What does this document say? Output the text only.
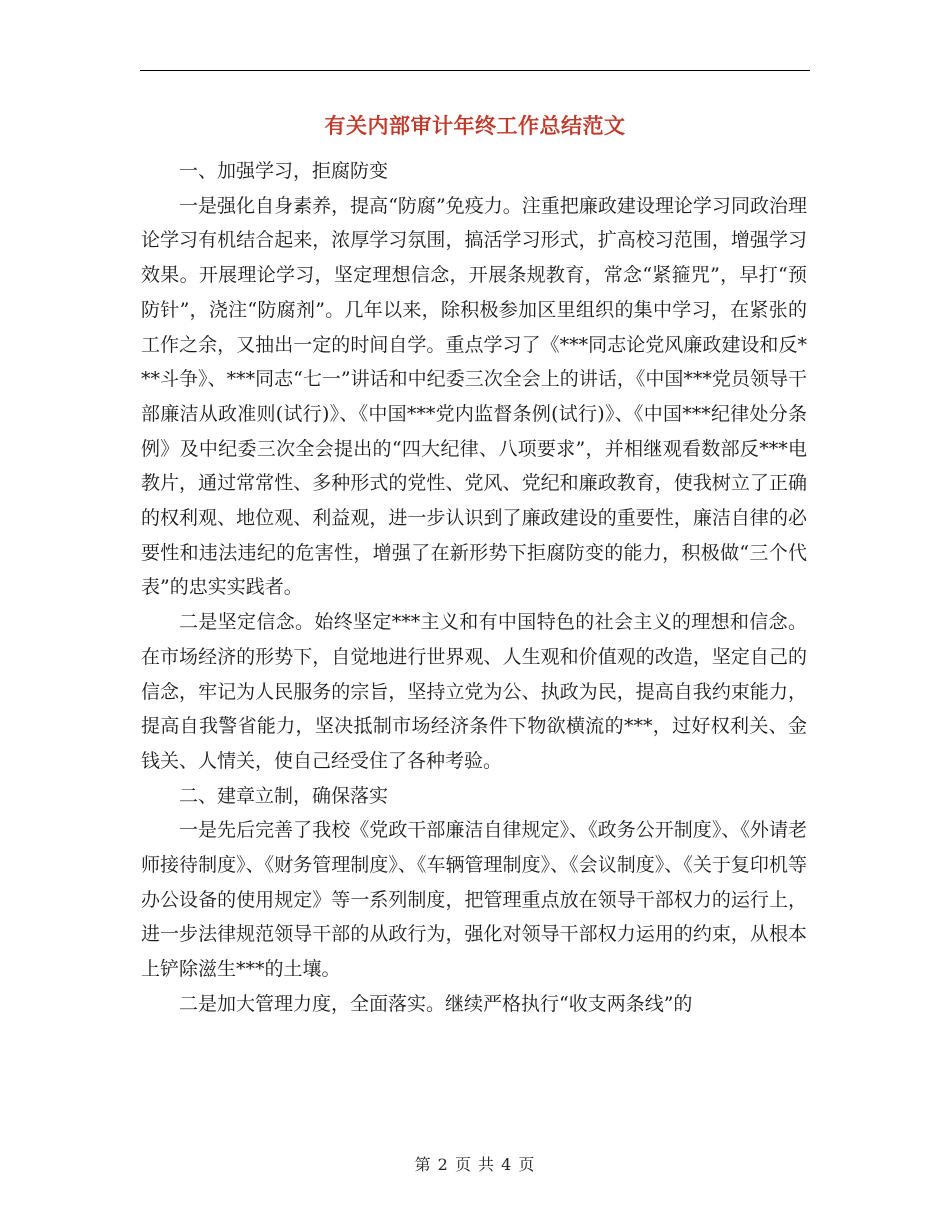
有关内部审计年终工作总结范文

一、加强学习，拒腐防变

一是强化自身素养，提高“防腐”免疫力。注重把廉政建设理论学习同政治理论学习有机结合起来，浓厚学习氛围，搞活学习形式，扩高校习范围，增强学习效果。开展理论学习，坚定理想信念，开展条规教育，常念“紧箍咒”，早打“预防针”，浇注“防腐剂”。几年以来，除积极参加区里组织的集中学习，在紧张的工作之余，又抽出一定的时间自学。重点学习了《***同志论党风廉政建设和反***斗争》、***同志“七一”讲话和中纪委三次全会上的讲话，《中国***党员领导干部廉洁从政准则(试行)》、《中国***党内监督条例(试行)》、《中国***纪律处分条例》及中纪委三次全会提出的“四大纪律、八项要求”，并相继观看数部反***电教片，通过常常性、多种形式的党性、党风、党纪和廉政教育，使我树立了正确的权利观、地位观、利益观，进一步认识到了廉政建设的重要性，廉洁自律的必要性和违法违纪的危害性，增强了在新形势下拒腐防变的能力，积极做“三个代表”的忠实实践者。

二是坚定信念。始终坚定***主义和有中国特色的社会主义的理想和信念。在市场经济的形势下，自觉地进行世界观、人生观和价值观的改造，坚定自己的信念，牢记为人民服务的宗旨，坚持立党为公、执政为民，提高自我约束能力，提高自我警省能力，坚决抵制市场经济条件下物欲横流的***，过好权利关、金钱关、人情关，使自己经受住了各种考验。

二、建章立制，确保落实

一是先后完善了我校《党政干部廉洁自律规定》、《政务公开制度》、《外请老师接待制度》、《财务管理制度》、《车辆管理制度》、《会议制度》、《关于复印机等办公设备的使用规定》等一系列制度，把管理重点放在领导干部权力的运行上，进一步法律规范领导干部的从政行为，强化对领导干部权力运用的约束，从根本上铲除滋生***的土壤。

二是加大管理力度，全面落实。继续严格执行“收支两条线”的

第 2 页 共 4 页
